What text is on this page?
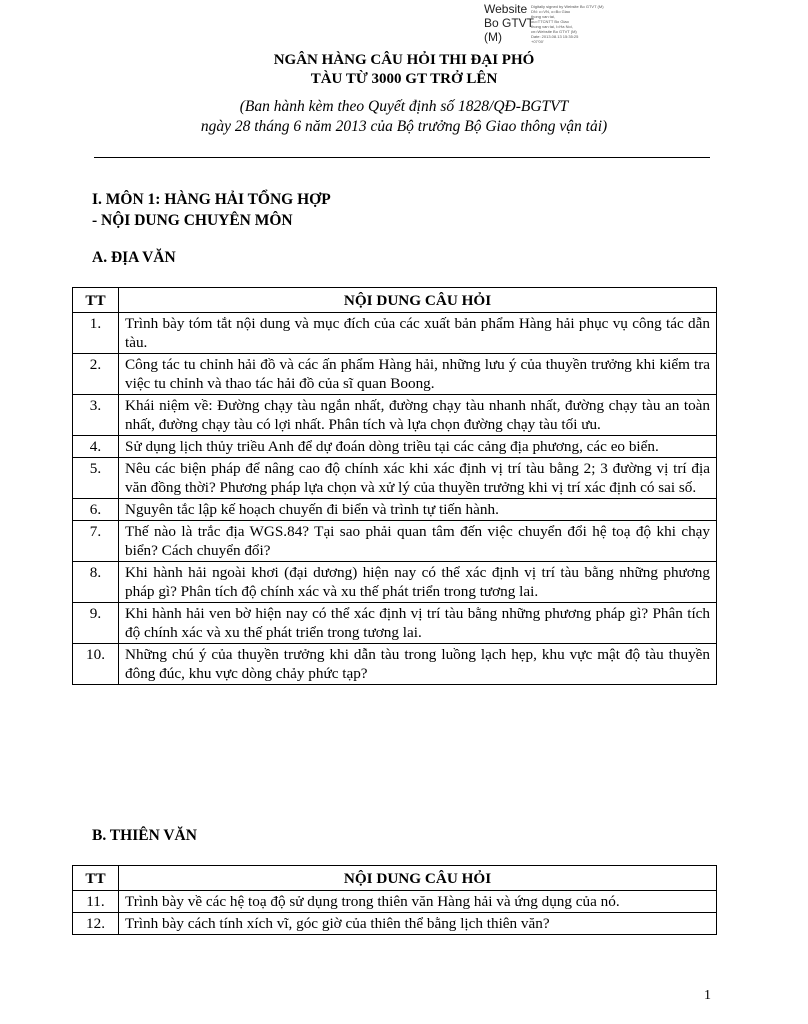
Website
Bo GTVT
(M)
Digitally signed by Website Bo GTVT (M)
DN: c=VN, o=Bo Giao
thong van tai,
ou=TTCNTT Bo Giao
thong van tai, l=Ha Noi,
cn=Website Bo GTVT (M)
Date: 2013.08.13 15:35:25
+07'00'
NGÂN HÀNG CÂU HỎI THI ĐẠI PHÓ
TÀU TỪ 3000 GT TRỞ LÊN
(Ban hành kèm theo Quyết định số 1828/QĐ-BGTVT
ngày 28 tháng 6 năm 2013 của Bộ trưởng Bộ Giao thông vận tải)
I. MÔN 1: HÀNG HẢI TỔNG HỢP
- NỘI DUNG CHUYÊN MÔN
A. ĐỊA VĂN
TT	NỘI DUNG CÂU HỎI
1.	Trình bày tóm tắt nội dung và mục đích của các xuất bản phẩm Hàng hải phục vụ công tác dẫn tàu.
2.	Công tác tu chỉnh hải đồ và các ấn phẩm Hàng hải, những lưu ý của thuyền trưởng khi kiểm tra việc tu chỉnh và thao tác hải đồ của sĩ quan Boong.
3.	Khái niệm về: Đường chạy tàu ngắn nhất, đường chạy tàu nhanh nhất, đường chạy tàu an toàn nhất, đường chạy tàu có lợi nhất. Phân tích và lựa chọn đường chạy tàu tối ưu.
4.	Sử dụng lịch thủy triều Anh để dự đoán dòng triều tại các cảng địa phương, các eo biển.
5.	Nêu các biện pháp để nâng cao độ chính xác khi xác định vị trí tàu bằng 2; 3 đường vị trí địa văn đồng thời? Phương pháp lựa chọn và xử lý của thuyền trưởng khi vị trí xác định có sai số.
6.	Nguyên tắc lập kế hoạch chuyến đi biển và trình tự tiến hành.
7.	Thế nào là trắc địa WGS.84? Tại sao phải quan tâm đến việc chuyển đổi hệ toạ độ khi chạy biển? Cách chuyển đổi?
8.	Khi hành hải ngoài khơi (đại dương) hiện nay có thể xác định vị trí tàu bằng những phương pháp gì? Phân tích độ chính xác và xu thế phát triển trong tương lai.
9.	Khi hành hải ven bờ hiện nay có thể xác định vị trí tàu bằng những phương pháp gì? Phân tích độ chính xác và xu thế phát triển trong tương lai.
10.	Những chú ý của thuyền trưởng khi dẫn tàu trong luồng lạch hẹp, khu vực mật độ tàu thuyền đông đúc, khu vực dòng chảy phức tạp?
B. THIÊN VĂN
TT	NỘI DUNG CÂU HỎI
11.	Trình bày về các hệ toạ độ sử dụng trong thiên văn Hàng hải và ứng dụng của nó.
12.	Trình bày cách tính xích vĩ, góc giờ của thiên thể bằng lịch thiên văn?
1
